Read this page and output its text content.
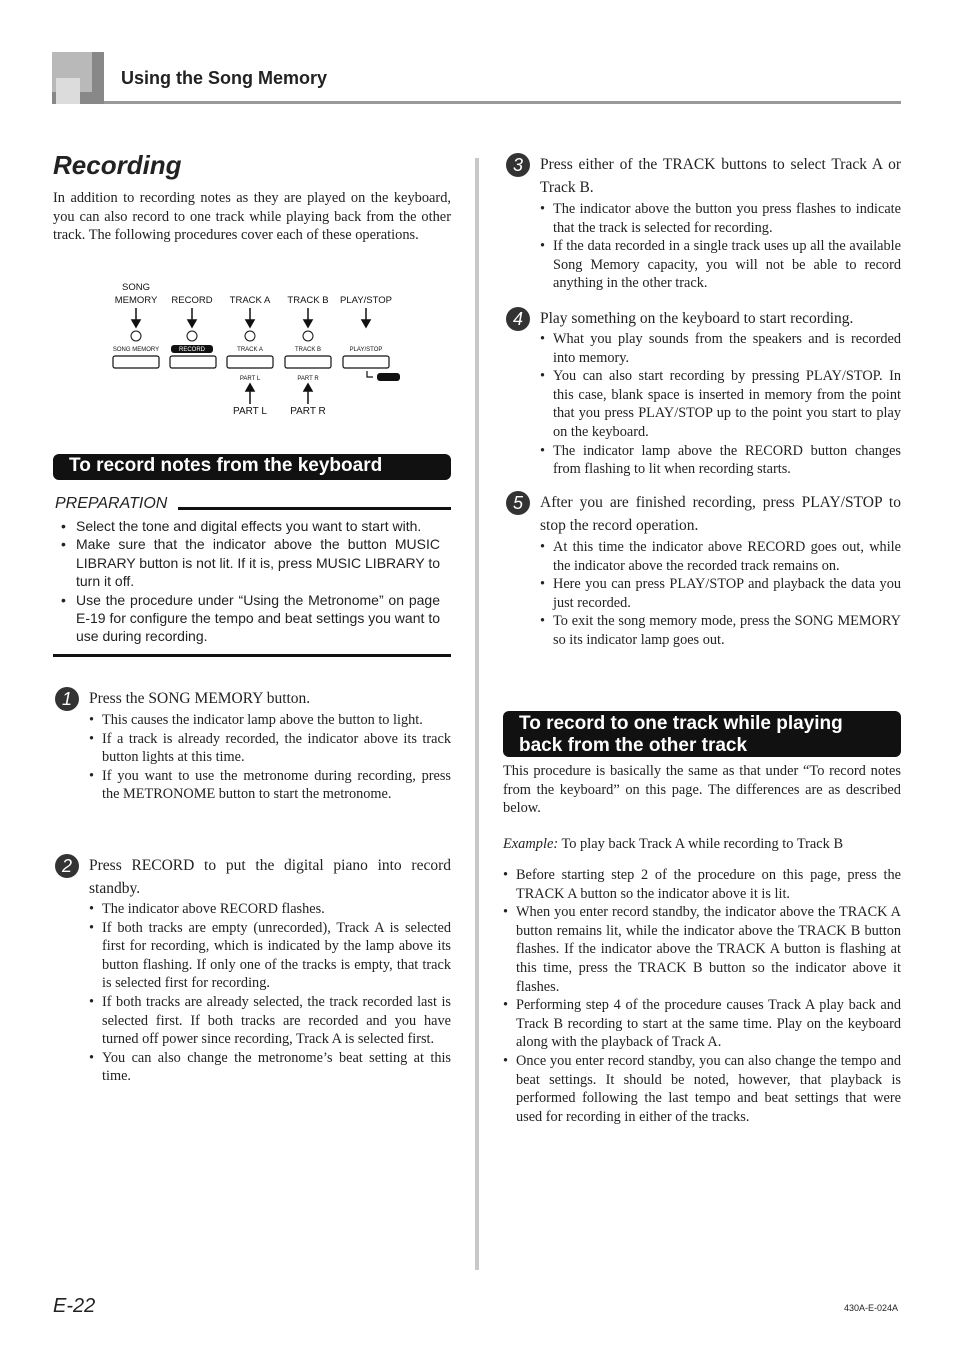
Using the Song Memory
Recording

In addition to recording notes as they are played on the keyboard, you can also record to one track while playing back from the other track. The following procedures cover each of these operations.

SONG
MEMORY RECORD TRACK A TRACK B PLAY/STOP
SONG MEMORY	RECORD	TRACK A	TRACK B	PLAY/STOP
PART L	PART R
PART L PART R
To record notes from the keyboard
PREPARATION
• Select the tone and digital effects you want to start with.
• Make sure that the indicator above the button MUSIC LIBRARY button is not lit. If it is, press MUSIC LIBRARY to turn it off.
• Use the procedure under “Using the Metronome” on page E-19 for configure the tempo and beat settings you want to use during recording.
1	Press the SONG MEMORY button.

• This causes the indicator lamp above the button to light.
• If a track is already recorded, the indicator above its track button lights at this time.
• If you want to use the metronome during recording, press the METRONOME button to start the metronome.
2	Press RECORD to put the digital piano into record standby.

• The indicator above RECORD flashes.
• If both tracks are empty (unrecorded), Track A is selected first for recording, which is indicated by the lamp above its button flashing. If only one of the tracks is empty, that track is selected first for recording.
• If both tracks are already selected, the track recorded last is selected first. If both tracks are recorded and you have turned off power since recording, Track A is selected first.
• You can also change the metronome’s beat setting at this time.
3	Press either of the TRACK buttons to select Track A or Track B.

• The indicator above the button you press flashes to indicate that the track is selected for recording.
• If the data recorded in a single track uses up all the available Song Memory capacity, you will not be able to record anything in the other track.
4	Play something on the keyboard to start recording.

• What you play sounds from the speakers and is recorded into memory.
• You can also start recording by pressing PLAY/STOP. In this case, blank space is inserted in memory from the point that you press PLAY/STOP up to the point you start to play on the keyboard.
• The indicator lamp above the RECORD button changes from flashing to lit when recording starts.
5	After you are finished recording, press PLAY/STOP to stop the record operation.

• At this time the indicator above RECORD goes out, while the indicator above the recorded track remains on.
• Here you can press PLAY/STOP and playback the data you just recorded.
• To exit the song memory mode, press the SONG MEMORY so its indicator lamp goes out.
To record to one track while playing
back from the other track

This procedure is basically the same as that under “To record notes from the keyboard” on this page. The differences are as described below.

Example: To play back Track A while recording to Track B
• Before starting step 2 of the procedure on this page, press the TRACK A button so the indicator above it is lit.
• When you enter record standby, the indicator above the TRACK A button remains lit, while the indicator above the TRACK B button flashes. If the indicator above the TRACK A button is flashing at this time, press the TRACK B button so the indicator above it flashes.
• Performing step 4 of the procedure causes Track A play back and Track B recording to start at the same time. Play on the keyboard along with the playback of Track A.
• Once you enter record standby, you can also change the tempo and beat settings. It should be noted, however, that playback is performed following the last tempo and beat settings that were used for recording in either of the tracks.
E-22	430A-E-024A
